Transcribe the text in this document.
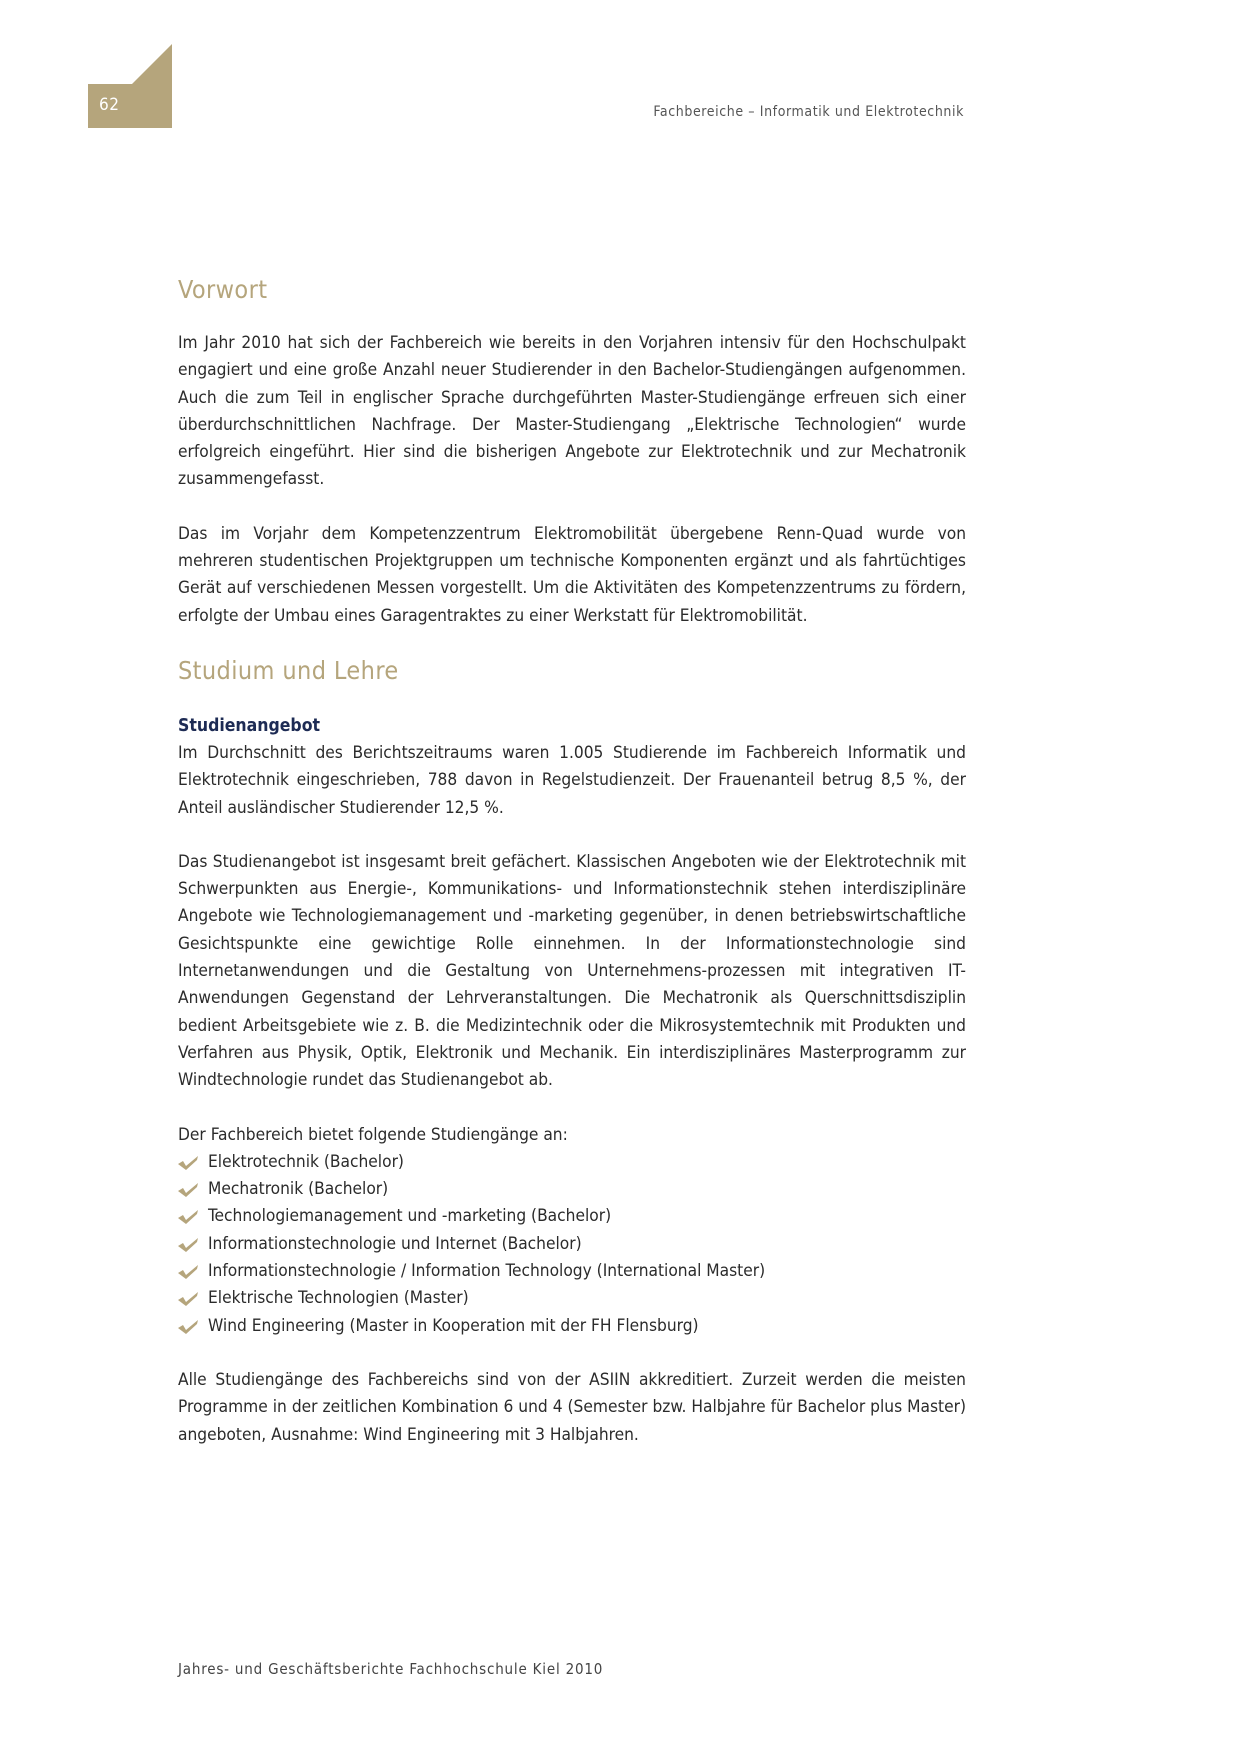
62	Fachbereiche – Informatik und Elektrotechnik
Vorwort

Im Jahr 2010 hat sich der Fachbereich wie bereits in den Vorjahren intensiv für den Hochschulpakt engagiert und eine große Anzahl neuer Studierender in den Bachelor-Studiengängen aufgenommen. Auch die zum Teil in englischer Sprache durchgeführten Master-Studiengänge erfreuen sich einer überdurchschnittlichen Nachfrage. Der Master-Studiengang „Elektrische Technologien“ wurde erfolgreich eingeführt. Hier sind die bisherigen Angebote zur Elektrotechnik und zur Mechatronik zusammengefasst.

Das im Vorjahr dem Kompetenzzentrum Elektromobilität übergebene Renn-Quad wurde von mehreren studentischen Projektgruppen um technische Komponenten ergänzt und als fahrtüchtiges Gerät auf verschiedenen Messen vorgestellt. Um die Aktivitäten des Kompetenzzentrums zu fördern, erfolgte der Umbau eines Garagentraktes zu einer Werkstatt für Elektromobilität.

Studium und Lehre
Studienangebot

Im Durchschnitt des Berichtszeitraums waren 1.005 Studierende im Fachbereich Informatik und Elektrotechnik eingeschrieben, 788 davon in Regelstudienzeit. Der Frauenanteil betrug 8,5 %, der Anteil ausländischer Studierender 12,5 %.

Das Studienangebot ist insgesamt breit gefächert. Klassischen Angeboten wie der Elektrotechnik mit Schwerpunkten aus Energie-, Kommunikations- und Informationstechnik stehen interdisziplinäre Angebote wie Technologiemanagement und -marketing gegenüber, in denen betriebswirtschaftliche Gesichtspunkte eine gewichtige Rolle einnehmen. In der Informationstechnologie sind Internetanwendungen und die Gestaltung von Unternehmens-prozessen mit integrativen IT-Anwendungen Gegenstand der Lehrveranstaltungen. Die Mechatronik als Querschnittsdisziplin bedient Arbeitsgebiete wie z. B. die Medizintechnik oder die Mikrosystemtechnik mit Produkten und Verfahren aus Physik, Optik, Elektronik und Mechanik. Ein interdisziplinäres Masterprogramm zur Windtechnologie rundet das Studienangebot ab.

Der Fachbereich bietet folgende Studiengänge an:

Elektrotechnik (Bachelor)
Mechatronik (Bachelor)
Technologiemanagement und -marketing (Bachelor)
Informationstechnologie und Internet (Bachelor)
Informationstechnologie / Information Technology (International Master)
Elektrische Technologien (Master)
Wind Engineering (Master in Kooperation mit der FH Flensburg)

Alle Studiengänge des Fachbereichs sind von der ASIIN akkreditiert. Zurzeit werden die meisten Programme in der zeitlichen Kombination 6 und 4 (Semester bzw. Halbjahre für Bachelor plus Master) angeboten, Ausnahme: Wind Engineering mit 3 Halbjahren.

Jahres- und Geschäftsberichte Fachhochschule Kiel 2010
